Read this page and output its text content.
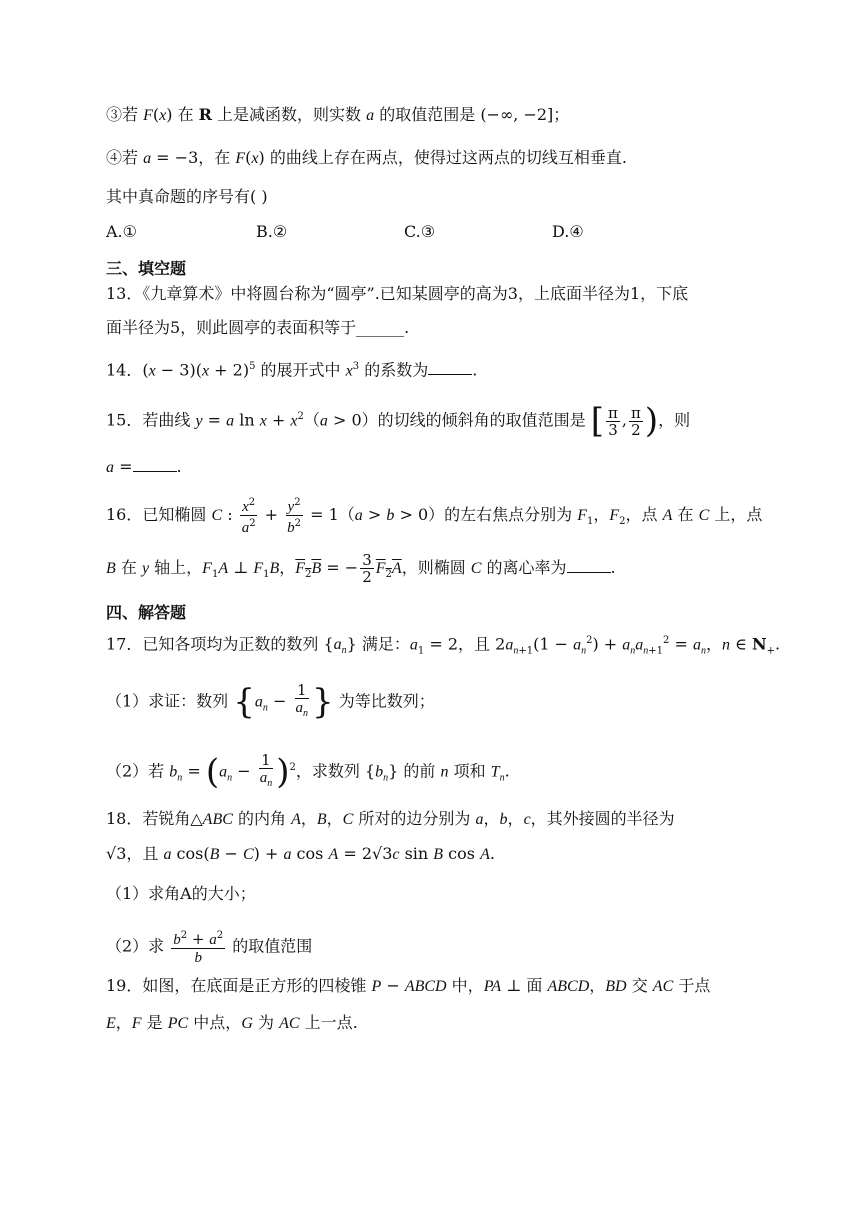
③若 F(x) 在 R 上是减函数，则实数 a 的取值范围是 (−∞, −2]；
④若 a = −3，在 F(x) 的曲线上存在两点，使得过这两点的切线互相垂直.
其中真命题的序号有( )
A.①	B.②	C.③	D.④
三、填空题
13．《九章算术》中将圆台称为“圆亭”.已知某圆亭的高为3，上底面半径为1，下底
面半径为5，则此圆亭的表面积等于______.
14．$(x - 3)(x + 2)^5$ 的展开式中 $x^3$ 的系数为	.
15．若曲线 y = a $\ln x + x^2(a > 0)$的切线的倾斜角的取值范围是 [ $\frac{\pi}{3}$ , $\frac{\pi}{2}$ )，则
a =	.
16．已知椭圆 C : $\frac{x^2}{a^2} + \frac{y^2}{b^2} = 1(a > b > 0)$的左右焦点分别为 $F_1$，$F_2$，点 A 在 C 上，点
B 在 y 轴上，$F_1A$ ⊥ $F_1B$，$F_2B$ = − $\frac{3}{2} F_2A$，则椭圆 C 的离心率为	.
四、解答题
17．已知各项均为正数的数列 $\{a_n\}$ 满足：$a_1 = 2$，且 $2a_{n+1}(1 - a_n^2) + a_na_{n+1}^2 = a_n$，n ∈ $N_+$.
（1）求证：数列 {$a_n - \frac{1}{a_n}$ } 为等比数列；
（2）若 $b_n = (a_n - \frac{1}{a_n} )^2$，求数列 $\{b_n\}$ 的前 n 项和 $T_n$.
18．若锐角△ABC 的内角 A，B，C 所对的边分别为 a，b，c，其外接圆的半径为
√3，且 a cos(B − C) + a cos A = 2√3c sin B cos A.
（1）求角A的大小；
（2）求 $\frac{b^2 + a^2}{b}$ 的取值范围
19．如图，在底面是正方形的四棱锥 P − ABCD 中，PA ⊥ 面 ABCD，BD 交 AC 于点
E，F 是 PC 中点，G 为 AC 上一点.
